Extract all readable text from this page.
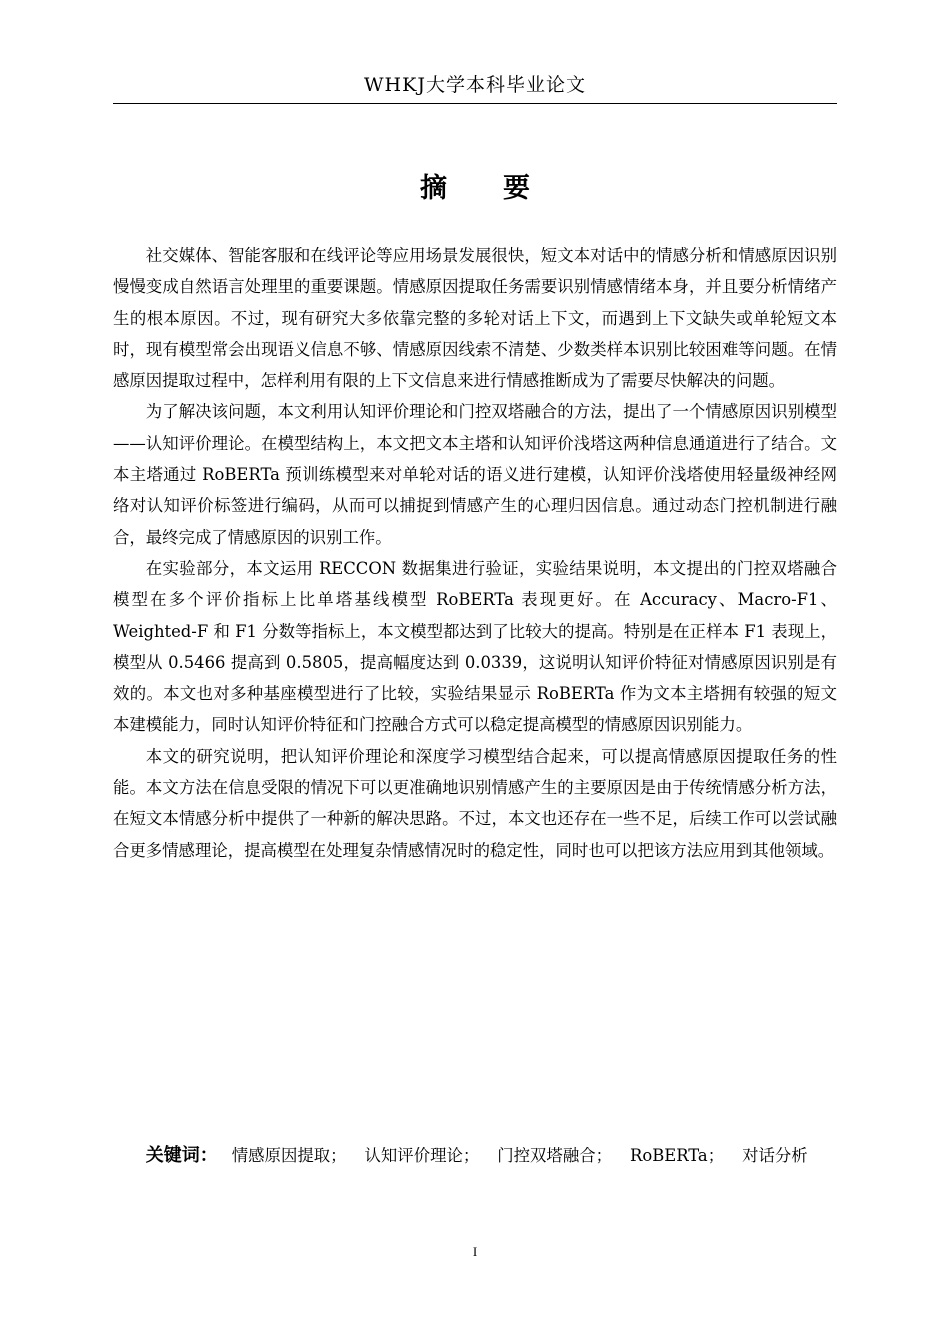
WHKJ大学本科毕业论文
摘 要

社交媒体、智能客服和在线评论等应用场景发展很快，短文本对话中的情感分析和情感原因识别慢慢变成自然语言处理里的重要课题。情感原因提取任务需要识别情感情绪本身，并且要分析情绪产生的根本原因。不过，现有研究大多依靠完整的多轮对话上下文，而遇到上下文缺失或单轮短文本时，现有模型常会出现语义信息不够、情感原因线索不清楚、少数类样本识别比较困难等问题。在情感原因提取过程中，怎样利用有限的上下文信息来进行情感推断成为了需要尽快解决的问题。

为了解决该问题，本文利用认知评价理论和门控双塔融合的方法，提出了一个情感原因识别模型——认知评价理论。在模型结构上，本文把文本主塔和认知评价浅塔这两种信息通道进行了结合。文本主塔通过 RoBERTa 预训练模型来对单轮对话的语义进行建模，认知评价浅塔使用轻量级神经网络对认知评价标签进行编码，从而可以捕捉到情感产生的心理归因信息。通过动态门控机制进行融合，最终完成了情感原因的识别工作。

在实验部分，本文运用 RECCON 数据集进行验证，实验结果说明，本文提出的门控双塔融合模型在多个评价指标上比单塔基线模型 RoBERTa 表现更好。在 Accuracy、Macro-F1、Weighted-F 和 F1 分数等指标上，本文模型都达到了比较大的提高。特别是在正样本 F1 表现上，模型从 0.5466 提高到 0.5805，提高幅度达到 0.0339，这说明认知评价特征对情感原因识别是有效的。本文也对多种基座模型进行了比较，实验结果显示 RoBERTa 作为文本主塔拥有较强的短文本建模能力，同时认知评价特征和门控融合方式可以稳定提高模型的情感原因识别能力。

本文的研究说明，把认知评价理论和深度学习模型结合起来，可以提高情感原因提取任务的性能。本文方法在信息受限的情况下可以更准确地识别情感产生的主要原因是由于传统情感分析方法，在短文本情感分析中提供了一种新的解决思路。不过，本文也还存在一些不足，后续工作可以尝试融合更多情感理论，提高模型在处理复杂情感情况时的稳定性，同时也可以把该方法应用到其他领域。

关键词： 情感原因提取； 认知评价理论； 门控双塔融合； RoBERTa； 对话分析
I
